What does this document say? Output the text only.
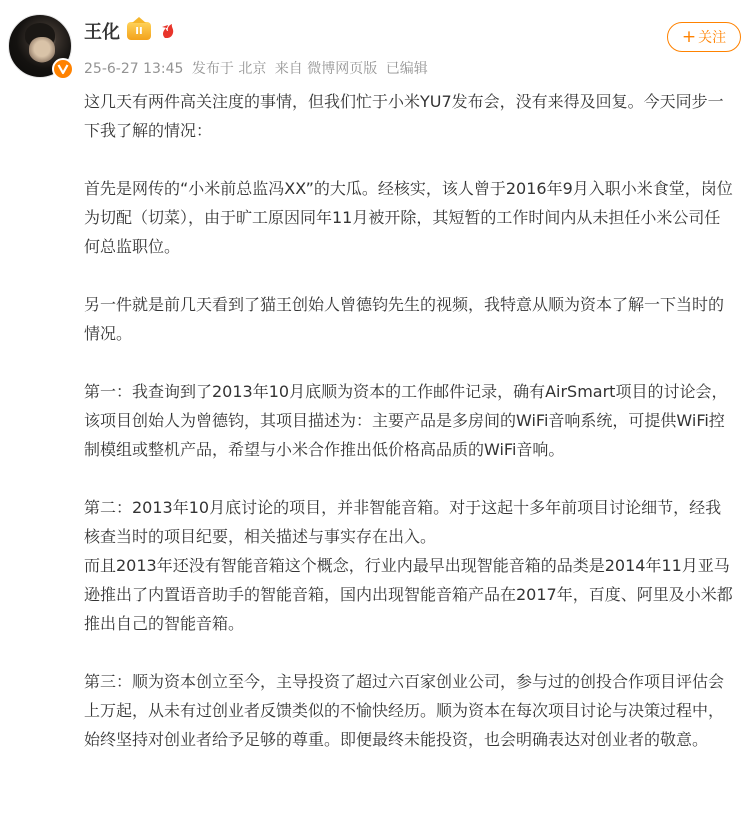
王化 II
25-6-27 13:45 发布于 北京 来自 微博网页版 已编辑
+ 关注

这几天有两件高关注度的事情，但我们忙于小米YU7发布会，没有来得及回复。今天同步一下我了解的情况：

首先是网传的“小米前总监冯XX”的大瓜。经核实，该人曾于2016年9月入职小米食堂，岗位为切配（切菜），由于旷工原因同年11月被开除，其短暂的工作时间内从未担任小米公司任何总监职位。

另一件就是前几天看到了猫王创始人曾德钧先生的视频，我特意从顺为资本了解一下当时的情况。

第一：我查询到了2013年10月底顺为资本的工作邮件记录，确有AirSmart项目的讨论会，该项目创始人为曾德钧，其项目描述为：主要产品是多房间的WiFi音响系统，可提供WiFi控制模组或整机产品，希望与小米合作推出低价格高品质的WiFi音响。

第二：2013年10月底讨论的项目，并非智能音箱。对于这起十多年前项目讨论细节，经我核查当时的项目纪要，相关描述与事实存在出入。
而且2013年还没有智能音箱这个概念，行业内最早出现智能音箱的品类是2014年11月亚马逊推出了内置语音助手的智能音箱，国内出现智能音箱产品在2017年，百度、阿里及小米都推出自己的智能音箱。

第三：顺为资本创立至今，主导投资了超过六百家创业公司，参与过的创投合作项目评估会上万起，从未有过创业者反馈类似的不愉快经历。顺为资本在每次项目讨论与决策过程中，始终坚持对创业者给予足够的尊重。即便最终未能投资，也会明确表达对创业者的敬意。
